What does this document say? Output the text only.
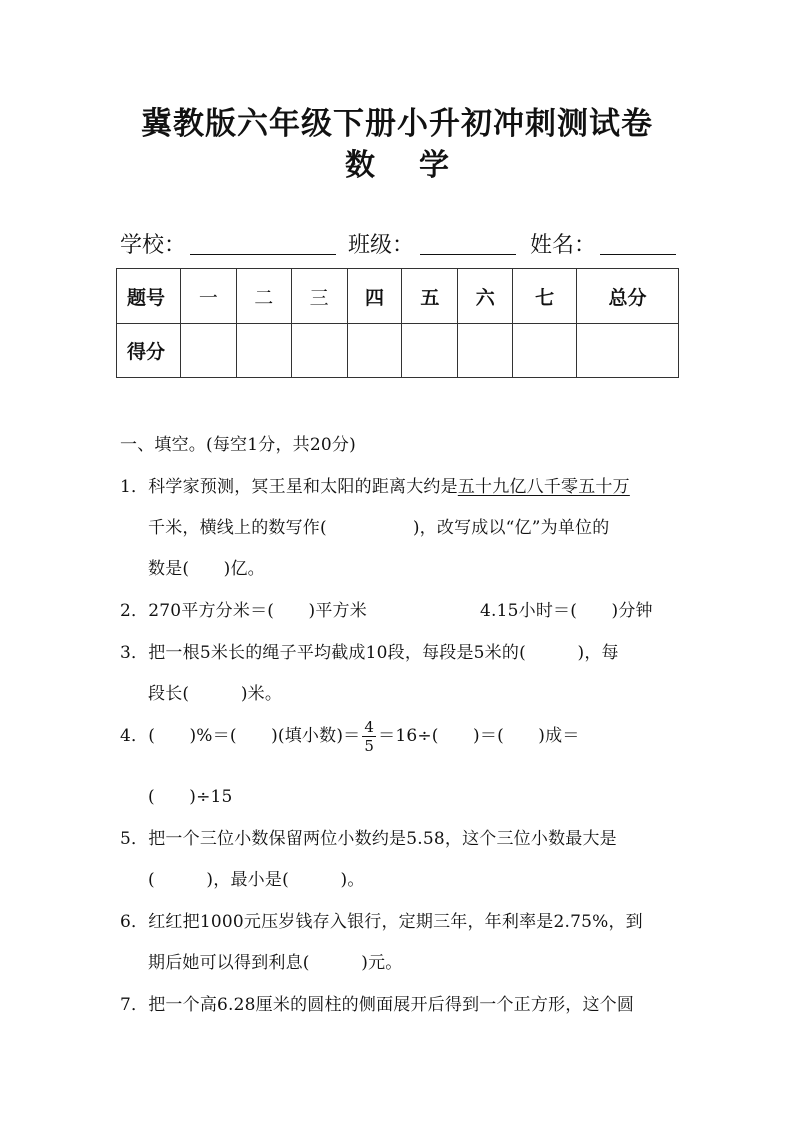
冀教版六年级下册小升初冲刺测试卷
数学
学校：	班级：	姓名：
题号	一	二	三	四	五	六	七	总分
得分								
一、填空。(每空1分，共20分)
1．科学家预测，冥王星和太阳的距离大约是五十九亿八千零五十万
千米，横线上的数写作(　　　　　)，改写成以“亿”为单位的
数是(　　)亿。
2．270平方分米＝(　　)平方米	4.15小时＝(　　)分钟
3．把一根5米长的绳子平均截成10段，每段是5米的(　　　)，每
段长(　　　)米。
4．(　　)%＝(　　)(填小数)＝ $\frac{4}{5} =16\div$(　　)＝(　　)成＝
(　　)÷15
5．把一个三位小数保留两位小数约是5.58，这个三位小数最大是
(　　　)，最小是(　　　)。
6．红红把1000元压岁钱存入银行，定期三年，年利率是2.75%，到
期后她可以得到利息(　　　)元。
7．把一个高6.28厘米的圆柱的侧面展开后得到一个正方形，这个圆
